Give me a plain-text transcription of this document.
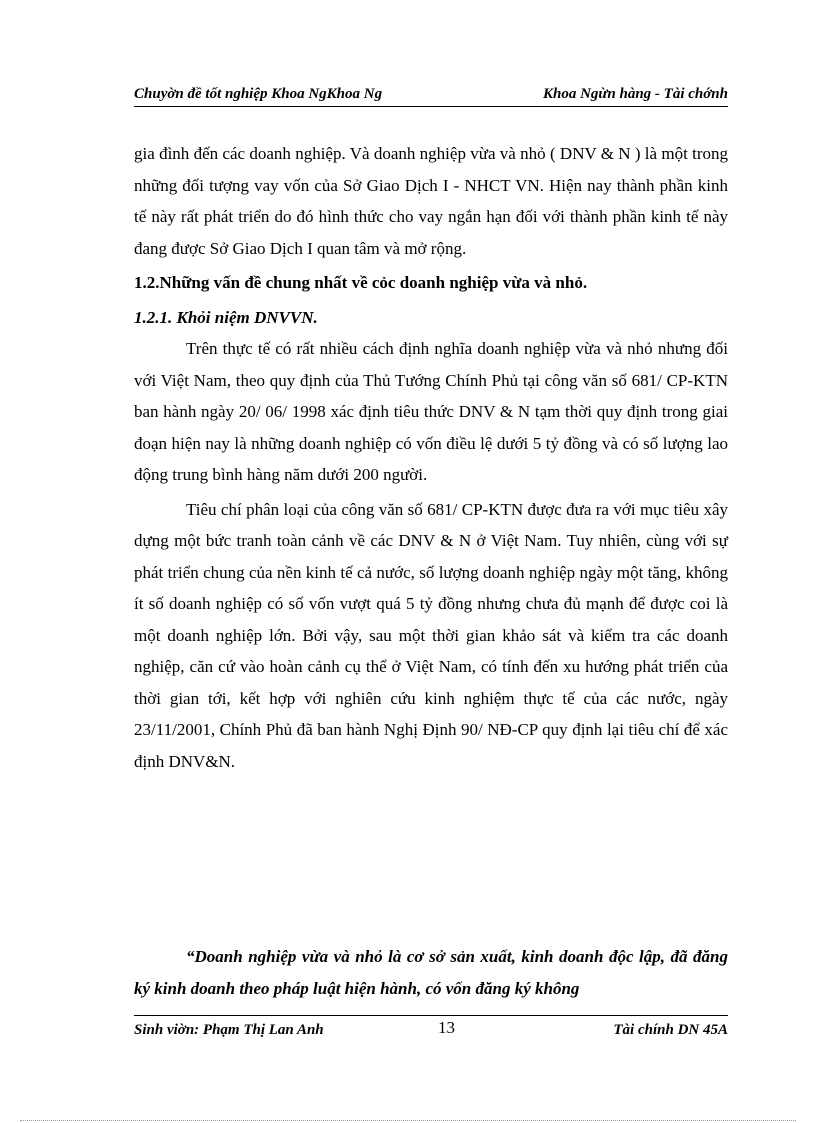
Chuyờn đề tốt nghiệp Khoa NgKhoa Ng	Khoa Ngừn hàng - Tài chớnh

gia đình đến các doanh nghiệp. Và doanh nghiệp vừa và nhỏ ( DNV & N ) là một trong những đối tượng vay vốn của Sở Giao Dịch I - NHCT VN. Hiện nay thành phần kinh tế này rất phát triển do đó hình thức cho vay ngắn hạn đối với thành phần kinh tế này đang được Sở Giao Dịch I quan tâm và mở rộng.

1.2.Những vấn đề chung nhất về cỏc doanh nghiệp vừa và nhỏ.

1.2.1. Khỏi niệm DNVVN.

Trên thực tế có rất nhiều cách định nghĩa doanh nghiệp vừa và nhỏ nhưng đối với Việt Nam, theo quy định của Thủ Tướng Chính Phủ tại công văn số 681/ CP-KTN ban hành ngày 20/ 06/ 1998 xác định tiêu thức DNV & N tạm thời quy định trong giai đoạn hiện nay là những doanh nghiệp có vốn điều lệ dưới 5 tỷ đồng và có số lượng lao động trung bình hàng năm dưới 200 người.

Tiêu chí phân loại của công văn số 681/ CP-KTN được đưa ra với mục tiêu xây dựng một bức tranh toàn cảnh về các DNV & N ở Việt Nam. Tuy nhiên, cùng với sự phát triển chung của nền kinh tế cả nước, số lượng doanh nghiệp ngày một tăng, không ít số doanh nghiệp có số vốn vượt quá 5 tỷ đồng nhưng chưa đủ mạnh để được coi là một doanh nghiệp lớn. Bởi vậy, sau một thời gian khảo sát và kiểm tra các doanh nghiệp, căn cứ vào hoàn cảnh cụ thể ở Việt Nam, có tính đến xu hướng phát triển của thời gian tới, kết hợp với nghiên cứu kinh nghiệm thực tế của các nước, ngày 23/11/2001, Chính Phủ đã ban hành Nghị Định 90/ NĐ-CP quy định lại tiêu chí để xác định DNV&N.

“Doanh nghiệp vừa và nhỏ là cơ sở sản xuất, kinh doanh độc lập, đã đăng ký kinh doanh theo pháp luật hiện hành, có vốn đăng ký không
Sinh viờn: Phạm Thị Lan Anh	13	Tài chính DN 45A
